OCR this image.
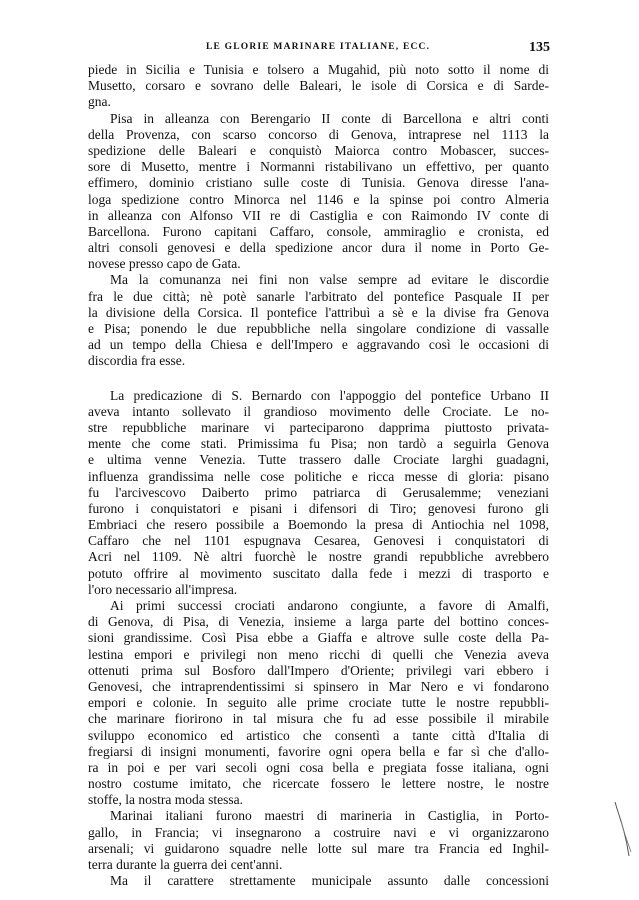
LE GLORIE MARINARE ITALIANE, ECC.	135
piede in Sicilia e Tunisia e tolsero a Mugahid, più noto sotto il nome di
Musetto, corsaro e sovrano delle Baleari, le isole di Corsica e di Sarde-
gna.
Pisa in alleanza con Berengario II conte di Barcellona e altri conti
della Provenza, con scarso concorso di Genova, intraprese nel 1113 la
spedizione delle Baleari e conquistò Maiorca contro Mobascer, succes-
sore di Musetto, mentre i Normanni ristabilivano un effettivo, per quanto
effimero, dominio cristiano sulle coste di Tunisia. Genova diresse l'ana-
loga spedizione contro Minorca nel 1146 e la spinse poi contro Almeria
in alleanza con Alfonso VII re di Castiglia e con Raimondo IV conte di
Barcellona. Furono capitani Caffaro, console, ammiraglio e cronista, ed
altri consoli genovesi e della spedizione ancor dura il nome in Porto Ge-
novese presso capo de Gata.
Ma la comunanza nei fini non valse sempre ad evitare le discordie
fra le due città; nè potè sanarle l'arbitrato del pontefice Pasquale II per
la divisione della Corsica. Il pontefice l'attribuì a sè e la divise fra Genova
e Pisa; ponendo le due repubbliche nella singolare condizione di vassalle
ad un tempo della Chiesa e dell'Impero e aggravando così le occasioni di
discordia fra esse.
La predicazione di S. Bernardo con l'appoggio del pontefice Urbano II
aveva intanto sollevato il grandioso movimento delle Crociate. Le no-
stre repubbliche marinare vi parteciparono dapprima piuttosto privata-
mente che come stati. Primissima fu Pisa; non tardò a seguirla Genova
e ultima venne Venezia. Tutte trassero dalle Crociate larghi guadagni,
influenza grandissima nelle cose politiche e ricca messe di gloria: pisano
fu l'arcivescovo Daiberto primo patriarca di Gerusalemme; veneziani
furono i conquistatori e pisani i difensori di Tiro; genovesi furono gli
Embriaci che resero possibile a Boemondo la presa di Antiochia nel 1098,
Caffaro che nel 1101 espugnava Cesarea, Genovesi i conquistatori di
Acri nel 1109. Nè altri fuorchè le nostre grandi repubbliche avrebbero
potuto offrire al movimento suscitato dalla fede i mezzi di trasporto e
l'oro necessario all'impresa.
Ai primi successi crociati andarono congiunte, a favore di Amalfi,
di Genova, di Pisa, di Venezia, insieme a larga parte del bottino conces-
sioni grandissime. Così Pisa ebbe a Giaffa e altrove sulle coste della Pa-
lestina empori e privilegi non meno ricchi di quelli che Venezia aveva
ottenuti prima sul Bosforo dall'Impero d'Oriente; privilegi vari ebbero i
Genovesi, che intraprendentissimi si spinsero in Mar Nero e vi fondarono
empori e colonie. In seguito alle prime crociate tutte le nostre repubbli-
che marinare fiorirono in tal misura che fu ad esse possibile il mirabile
sviluppo economico ed artistico che consentì a tante città d'Italia di
fregiarsi di insigni monumenti, favorire ogni opera bella e far sì che d'allo-
ra in poi e per vari secoli ogni cosa bella e pregiata fosse italiana, ogni
nostro costume imitato, che ricercate fossero le lettere nostre, le nostre
stoffe, la nostra moda stessa.
Marinai italiani furono maestri di marineria in Castiglia, in Porto-
gallo, in Francia; vi insegnarono a costruire navi e vi organizzarono
arsenali; vi guidarono squadre nelle lotte sul mare tra Francia ed Inghil-
terra durante la guerra dei cent'anni.
Ma il carattere strettamente municipale assunto dalle concessioni
